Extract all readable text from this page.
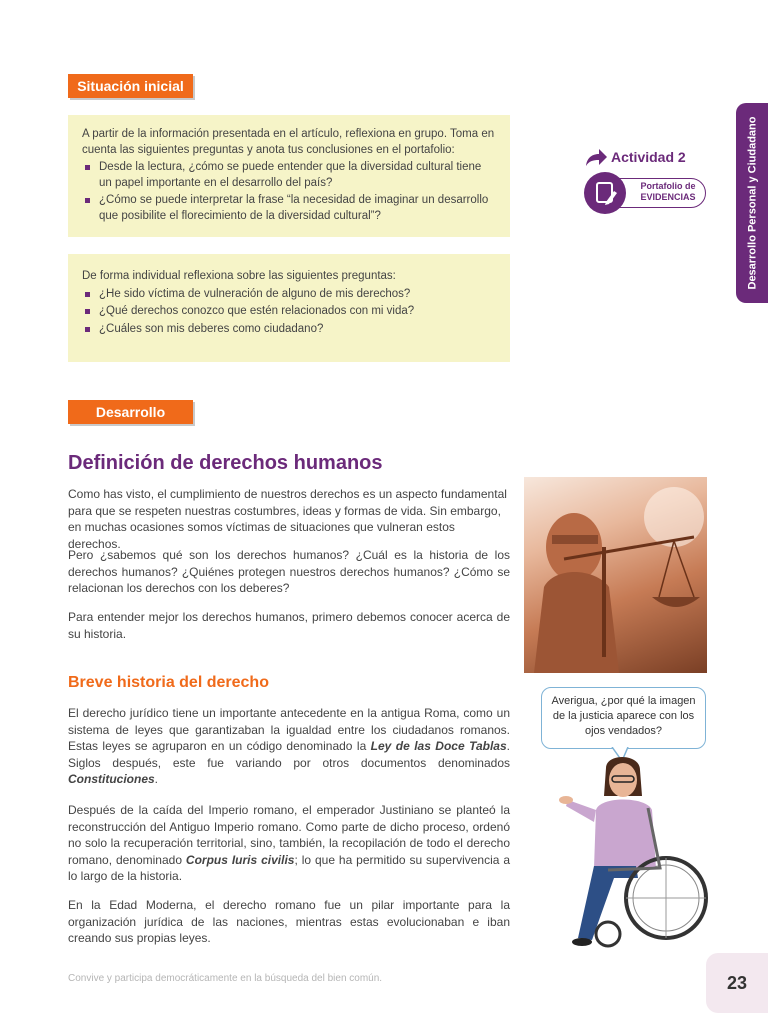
Situación inicial

A partir de la información presentada en el artículo, reflexiona en grupo. Toma en cuenta las siguientes preguntas y anota tus conclusiones en el portafolio:

Desde la lectura, ¿cómo se puede entender que la diversidad cultural tiene un papel importante en el desarrollo del país?
¿Cómo se puede interpretar la frase “la necesidad de imaginar un desarrollo que posibilite el florecimiento de la diversidad cultural”?

De forma individual reflexiona sobre las siguientes preguntas:

¿He sido víctima de vulneración de alguno de mis derechos?
¿Qué derechos conozco que estén relacionados con mi vida?
¿Cuáles son mis deberes como ciudadano?
Actividad 2
Portafolio de
EVIDENCIAS	Desarrollo Personal y Ciudadano
Desarrollo
Definición de derechos humanos

Como has visto, el cumplimiento de nuestros derechos es un aspecto fundamental para que se respeten nuestras costumbres, ideas y formas de vida. Sin embargo, en muchas ocasiones somos víctimas de situaciones que vulneran estos derechos.

Pero ¿sabemos qué son los derechos humanos? ¿Cuál es la historia de los derechos humanos? ¿Quiénes protegen nuestros derechos humanos? ¿Cómo se relacionan los derechos con los deberes?

Para entender mejor los derechos humanos, primero debemos conocer acerca de su historia.

Breve historia del derecho

El derecho jurídico tiene un importante antecedente en la antigua Roma, como un sistema de leyes que garantizaban la igualdad entre los ciudadanos romanos. Estas leyes se agruparon en un código denominado la Ley de las Doce Tablas. Siglos después, este fue variando por otros documentos denominados Constituciones.

Después de la caída del Imperio romano, el emperador Justiniano se planteó la reconstrucción del Antiguo Imperio romano. Como parte de dicho proceso, ordenó no solo la recuperación territorial, sino, también, la recopilación de todo el derecho romano, denominado Corpus Iuris civilis; lo que ha permitido su supervivencia a lo largo de la historia.

En la Edad Moderna, el derecho romano fue un pilar importante para la organización jurídica de las naciones, mientras estas evolucionaban e iban creando sus propias leyes.

Averigua, ¿por qué la imagen de la justicia aparece con los ojos vendados?
Convive y participa democráticamente en la búsqueda del bien común.	23
